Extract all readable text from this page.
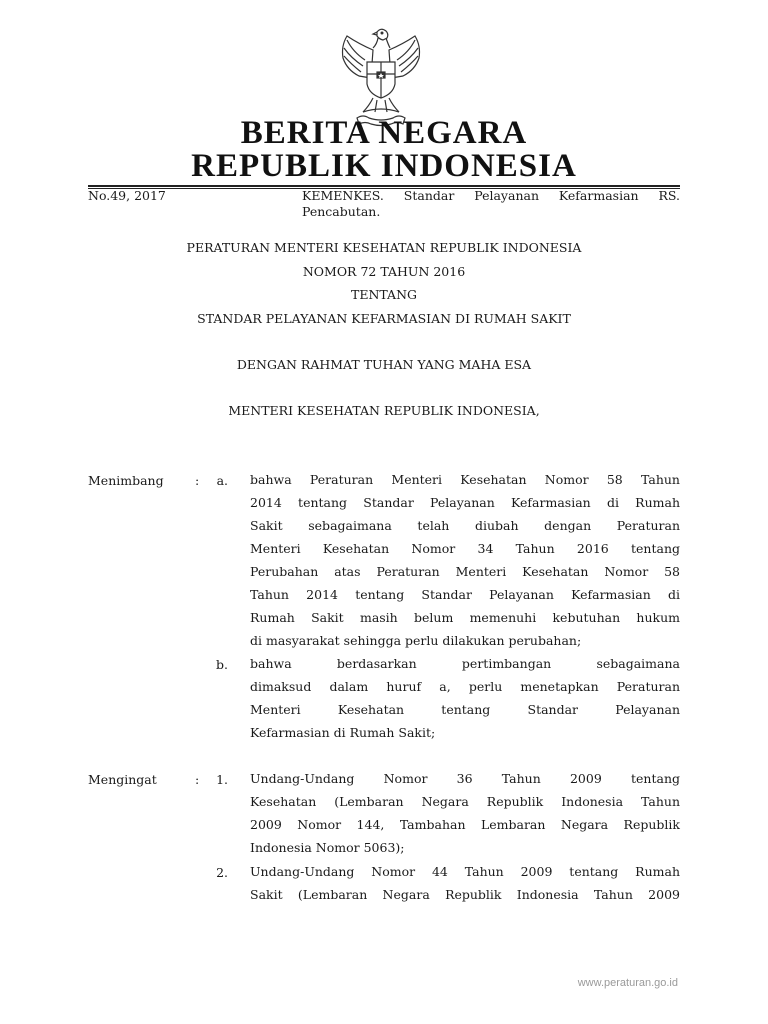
BERITA NEGARA
REPUBLIK INDONESIA
No.49, 2017	KEMENKES. Standar Pelayanan Kefarmasian RS.
Pencabutan.
PERATURAN MENTERI KESEHATAN REPUBLIK INDONESIA
NOMOR 72 TAHUN 2016
TENTANG
STANDAR PELAYANAN KEFARMASIAN DI RUMAH SAKIT
DENGAN RAHMAT TUHAN YANG MAHA ESA
MENTERI KESEHATAN REPUBLIK INDONESIA,
Menimbang	:	a. bahwa Peraturan Menteri Kesehatan Nomor 58 Tahun
2014 tentang Standar Pelayanan Kefarmasian di Rumah
Sakit sebagaimana telah diubah dengan Peraturan
Menteri Kesehatan Nomor 34 Tahun 2016 tentang
Perubahan atas Peraturan Menteri Kesehatan Nomor 58
Tahun 2014 tentang Standar Pelayanan Kefarmasian di
Rumah Sakit masih belum memenuhi kebutuhan hukum
di masyarakat sehingga perlu dilakukan perubahan;
b. bahwa berdasarkan pertimbangan sebagaimana
dimaksud dalam huruf a, perlu menetapkan Peraturan
Menteri Kesehatan tentang Standar Pelayanan
Kefarmasian di Rumah Sakit;
Mengingat	:	1. Undang-Undang Nomor 36 Tahun 2009 tentang
Kesehatan (Lembaran Negara Republik Indonesia Tahun
2009 Nomor 144, Tambahan Lembaran Negara Republik
Indonesia Nomor 5063);
2. Undang-Undang Nomor 44 Tahun 2009 tentang Rumah
Sakit (Lembaran Negara Republik Indonesia Tahun 2009
www.peraturan.go.id
